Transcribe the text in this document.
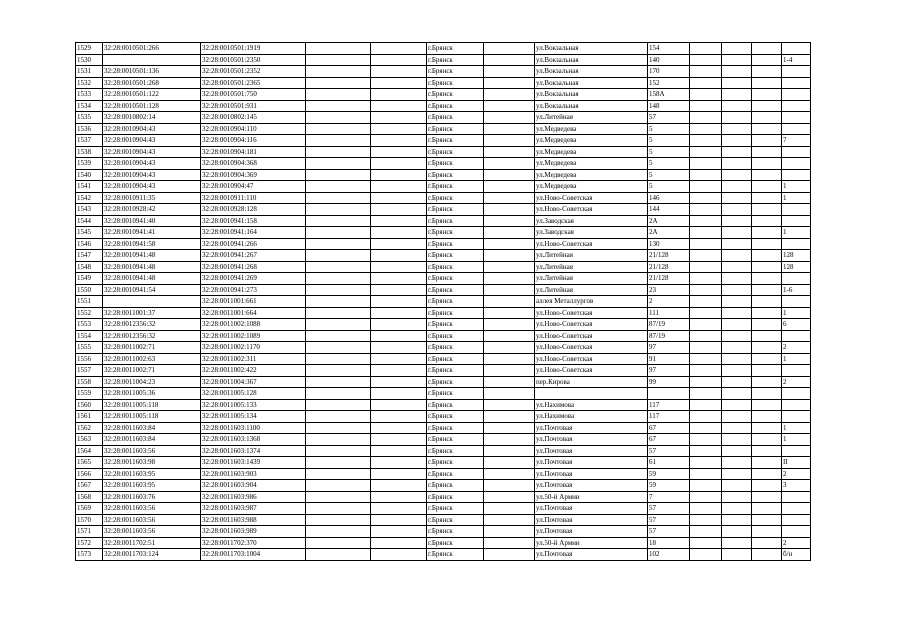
1529	32:28:0010501:266	32:28:0010501:1919			г.Брянск		ул.Вокзальная	154				
1530		32:28:0010501:2350			г.Брянск		ул.Вокзальная	140				1-4
1531	32:28:0010501:136	32:28:0010501:2352			г.Брянск		ул.Вокзальная	170				
1532	32:28:0010501:268	32:28:0010501:2365			г.Брянск		ул.Вокзальная	152				
1533	32:28:0010501:122	32:28:0010501:750			г.Брянск		ул.Вокзальная	158А				
1534	32:28:0010501:128	32:28:0010501:931			г.Брянск		ул.Вокзальная	148				
1535	32:28:0010802:14	32:28:0010802:145			г.Брянск		ул.Литейная	57				
1536	32:28:0010904:43	32:28:0010904:110			г.Брянск		ул.Медведева	5				
1537	32:28:0010904:43	32:28:0010904:116			г.Брянск		ул.Медведева	5				7
1538	32:28:0010904:43	32:28:0010904:181			г.Брянск		ул.Медведева	5				
1539	32:28:0010904:43	32:28:0010904:368			г.Брянск		ул.Медведева	5				
1540	32:28:0010904:43	32:28:0010904:369			г.Брянск		ул.Медведева	5				
1541	32:28:0010904:43	32:28:0010904:47			г.Брянск		ул.Медведева	5				1
1542	32:28:0010911:35	32:28:0010911:110			г.Брянск		ул.Ново-Советская	146				1
1543	32:28:0010928:42	32:28:0010928:128			г.Брянск		ул.Ново-Советская	144				
1544	32:28:0010941:40	32:28:0010941:158			г.Брянск		ул.Заводская	2А				
1545	32:28:0010941:41	32:28:0010941:164			г.Брянск		ул.Заводская	2А				1
1546	32:28:0010941:58	32:28:0010941:266			г.Брянск		ул.Ново-Советская	130				
1547	32:28:0010941:48	32:28:0010941:267			г.Брянск		ул.Литейная	21/128				128
1548	32:28:0010941:48	32:28:0010941:268			г.Брянск		ул.Литейная	21/128				128
1549	32:28:0010941:48	32:28:0010941:269			г.Брянск		ул.Литейная	21/128				
1550	32:28:0010941:54	32:28:0010941:273			г.Брянск		ул.Литейная	23				1-6
1551		32:28:0011001:661			г.Брянск		аллея Металлургов	2				
1552	32:28:0011001:37	32:28:0011001:664			г.Брянск		ул.Ново-Советская	111				1
1553	32:28:0012356:32	32:28:0011002:1088			г.Брянск		ул.Ново-Советская	87/19				6
1554	32:28:0012356:32	32:28:0011002:1089			г.Брянск		ул.Ново-Советская	87/19				
1555	32:28:0011002:71	32:28:0011002:1170			г.Брянск		ул.Ново-Советская	97				2
1556	32:28:0011002:63	32:28:0011002:311			г.Брянск		ул.Ново-Советская	91				1
1557	32:28:0011002:71	32:28:0011002:422			г.Брянск		ул.Ново-Советская	97				
1558	32:28:0011004:23	32:28:0011004:367			г.Брянск		пер.Кирова	99				2
1559	32:28:0011005:36	32:28:0011005:128			г.Брянск							
1560	32:28:0011005:118	32:28:0011005:133			г.Брянск		ул.Нахимова	117				
1561	32:28:0011005:118	32:28:0011005:134			г.Брянск		ул.Нахимова	117				
1562	32:28:0011603:84	32:28:0011603:1100			г.Брянск		ул.Почтовая	67				1
1563	32:28:0011603:84	32:28:0011603:1368			г.Брянск		ул.Почтовая	67				1
1564	32:28:0011603:56	32:28:0011603:1374			г.Брянск		ул.Почтовая	57				
1565	32:28:0011603:98	32:28:0011603:1439			г.Брянск		ул.Почтовая	61				II
1566	32:28:0011603:95	32:28:0011603:903			г.Брянск		ул.Почтовая	59				2
1567	32:28:0011603:95	32:28:0011603:904			г.Брянск		ул.Почтовая	59				3
1568	32:28:0011603:76	32:28:0011603:986			г.Брянск		ул.50-й Армии	7				
1569	32:28:0011603:56	32:28:0011603:987			г.Брянск		ул.Почтовая	57				
1570	32:28:0011603:56	32:28:0011603:988			г.Брянск		ул.Почтовая	57				
1571	32:28:0011603:56	32:28:0011603:989			г.Брянск		ул.Почтовая	57				
1572	32:28:0011702:51	32:28:0011702:370			г.Брянск		ул.50-й Армии	18				2
1573	32:28:0011703:124	32:28:0011703:1004			г.Брянск		ул.Почтовая	102				б/н
